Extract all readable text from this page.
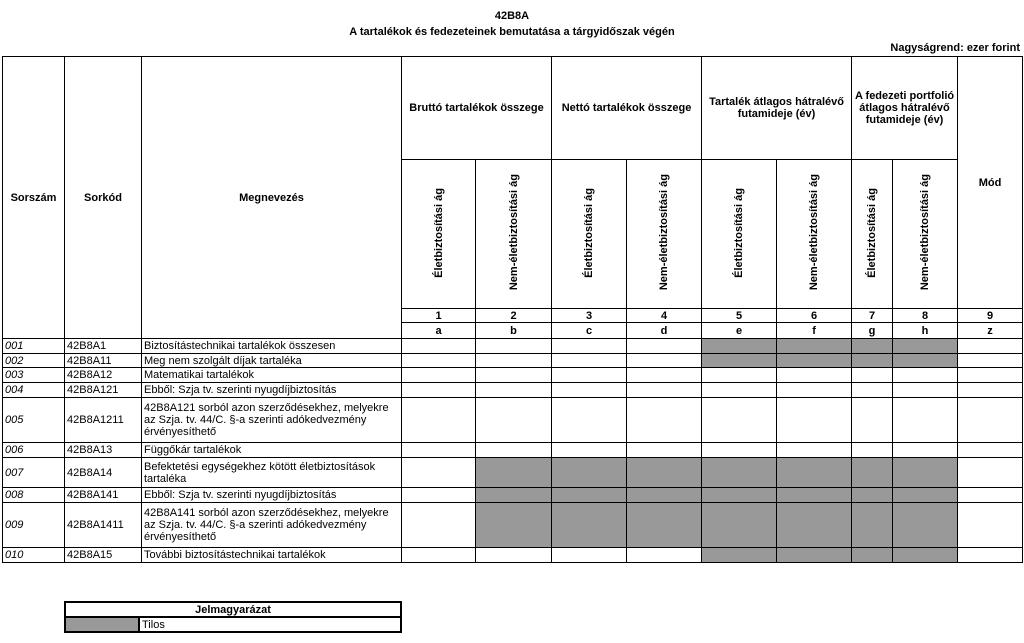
42B8A
A tartalékok és fedezeteinek bemutatása a tárgyidőszak végén
Nagyságrend: ezer forint
Sorszám	Sorkód	Megnevezés	Bruttó tartalékok összege		Nettó tartalékok összege		Tartalék átlagos hátralévő futamideje (év)		A fedezeti portfolió átlagos hátralévő futamideje (év)		Mód
			Életbiztosítási ág	Nem-életbiztosítási ág	Életbiztosítási ág	Nem-életbiztosítási ág	Életbiztosítási ág	Nem-életbiztosítási ág	Életbiztosítási ág	Nem-életbiztosítási ág	
			1	2	3	4	5	6	7	8	9
			a	b	c	d	e	f	g	h	z
001	42B8A1	Biztosítástechnikai tartalékok összesen									
002	42B8A11	Meg nem szolgált díjak tartaléka									
003	42B8A12	Matematikai tartalékok									
004	42B8A121	Ebből: Szja tv. szerinti nyugdíjbiztosítás									
005	42B8A1211	42B8A121 sorból azon szerződésekhez, melyekre az Szja. tv. 44/C. §-a szerinti adókedvezmény érvényesíthető									
006	42B8A13	Függőkár tartalékok									
007	42B8A14	Befektetési egységekhez kötött életbiztosítások tartaléka									
008	42B8A141	Ebből: Szja tv. szerinti nyugdíjbiztosítás									
009	42B8A1411	42B8A141 sorból azon szerződésekhez, melyekre az Szja. tv. 44/C. §-a szerinti adókedvezmény érvényesíthető									
010	42B8A15	További biztosítástechnikai tartalékok									
Jelmagyarázat
	Tilos
